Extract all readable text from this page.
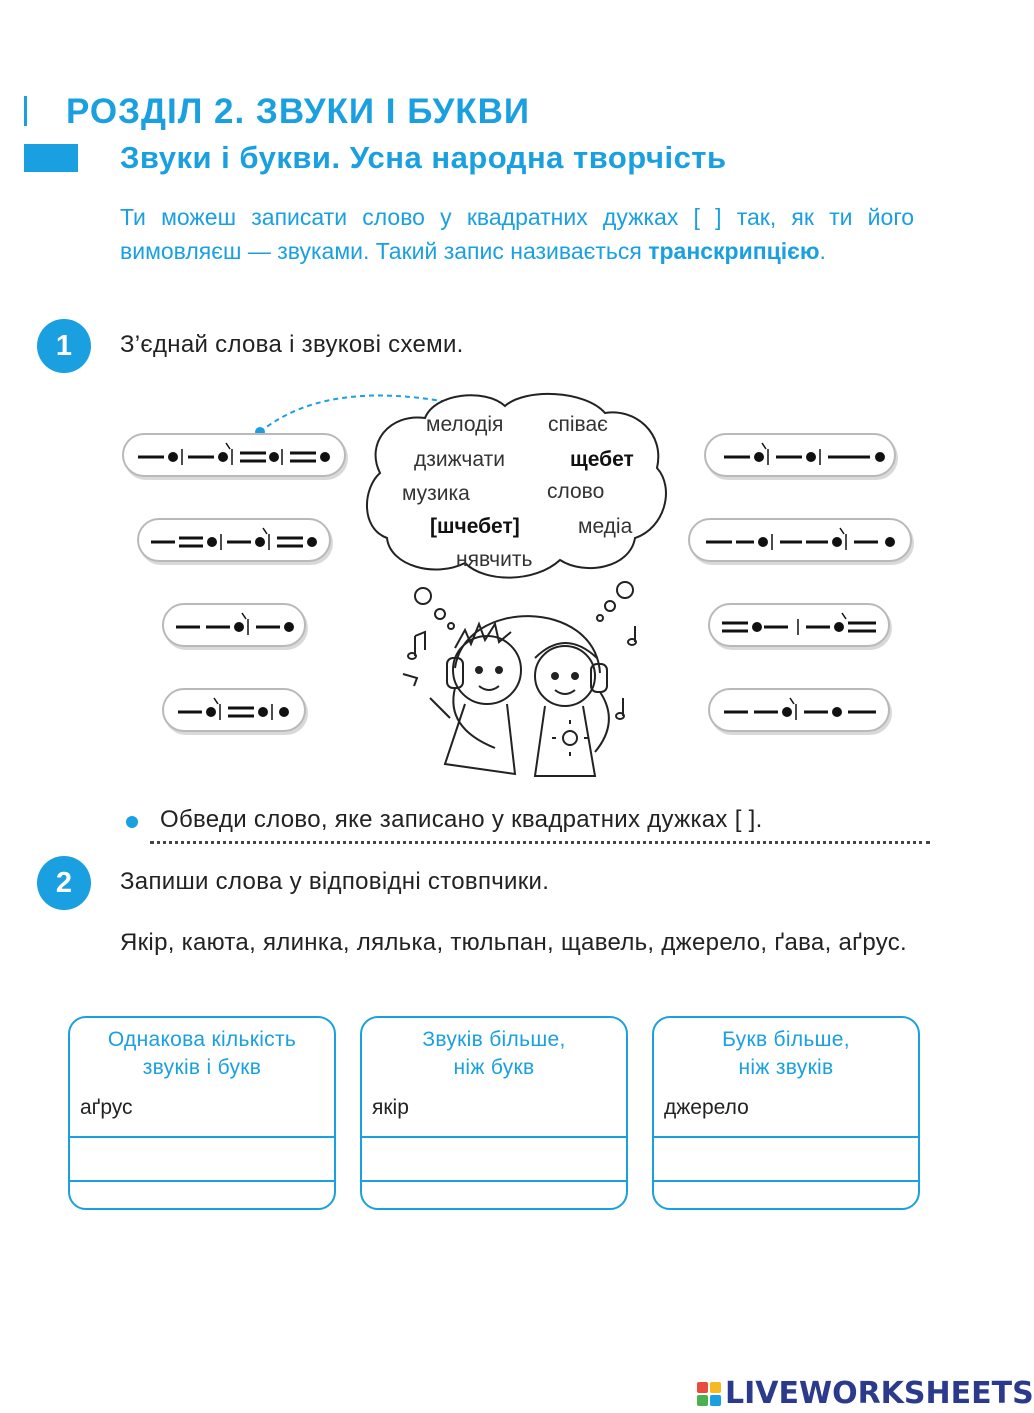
РОЗДІЛ 2. ЗВУКИ І БУКВИ
Звуки і букви. Усна народна творчість
Ти можеш записати слово у квадратних дужках [ ] так, як ти його вимовляєш — звуками. Такий запис називається транскрипцією.
1	З’єднай слова і звукові схеми.
мелодія співає
дзижчати	щебет
музика	слово
[шчебет]	медіа
нявчить
Обведи слово, яке записано у квадратних дужках [ ].
2	Запиши слова у відповідні стовпчики.
Якір, каюта, ялинка, лялька, тюльпан, щавель, джерело, ґава, аґрус.
Однакова кількість
звуків і букв
аґрус
Звуків більше,
ніж букв
якір
Букв більше,
ніж звуків
джерело
LIVEWORKSHEETS
